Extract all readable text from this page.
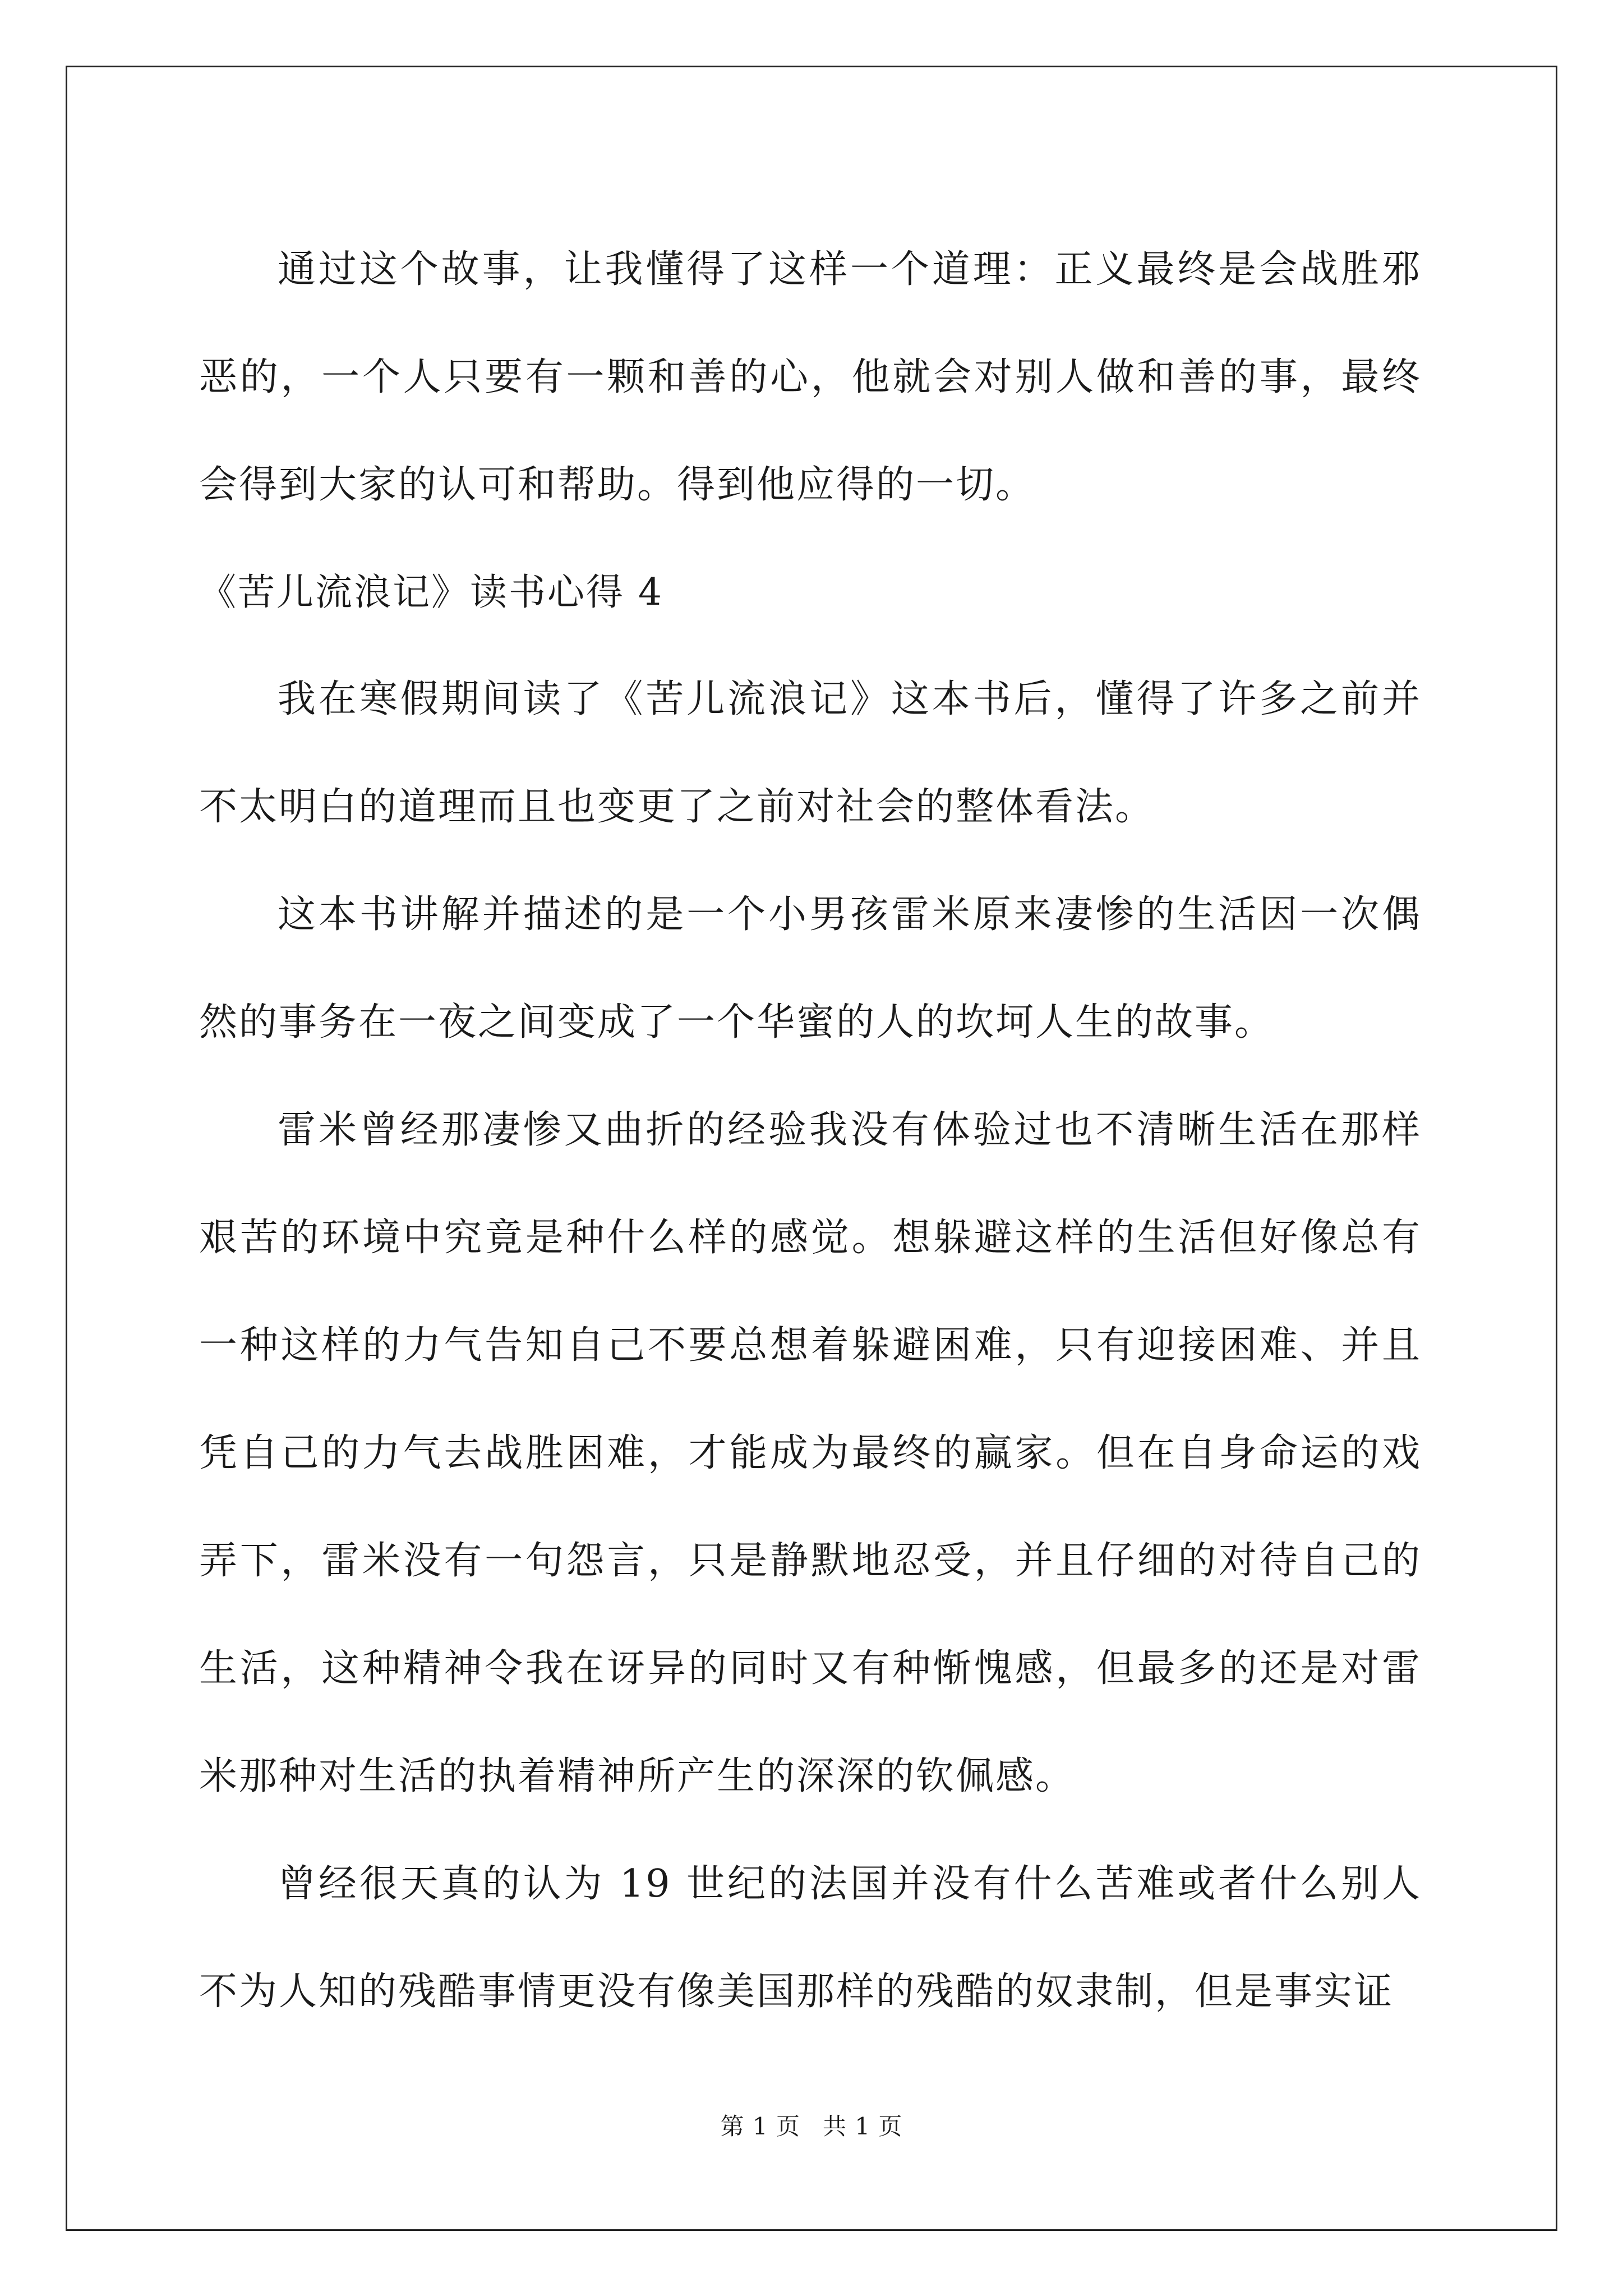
通过这个故事，让我懂得了这样一个道理：正义最终是会战胜邪恶的，一个人只要有一颗和善的心，他就会对别人做和善的事，最终会得到大家的认可和帮助。得到他应得的一切。

《苦儿流浪记》读书心得 4

我在寒假期间读了《苦儿流浪记》这本书后，懂得了许多之前并不太明白的道理而且也变更了之前对社会的整体看法。

这本书讲解并描述的是一个小男孩雷米原来凄惨的生活因一次偶然的事务在一夜之间变成了一个华蜜的人的坎坷人生的故事。

雷米曾经那凄惨又曲折的经验我没有体验过也不清晰生活在那样艰苦的环境中究竟是种什么样的感觉。想躲避这样的生活但好像总有一种这样的力气告知自己不要总想着躲避困难，只有迎接困难、并且凭自己的力气去战胜困难，才能成为最终的赢家。但在自身命运的戏弄下，雷米没有一句怨言，只是静默地忍受，并且仔细的对待自己的生活，这种精神令我在讶异的同时又有种惭愧感，但最多的还是对雷米那种对生活的执着精神所产生的深深的钦佩感。

曾经很天真的认为 19 世纪的法国并没有什么苦难或者什么别人不为人知的残酷事情更没有像美国那样的残酷的奴隶制，但是事实证

第 1 页 共 1 页
